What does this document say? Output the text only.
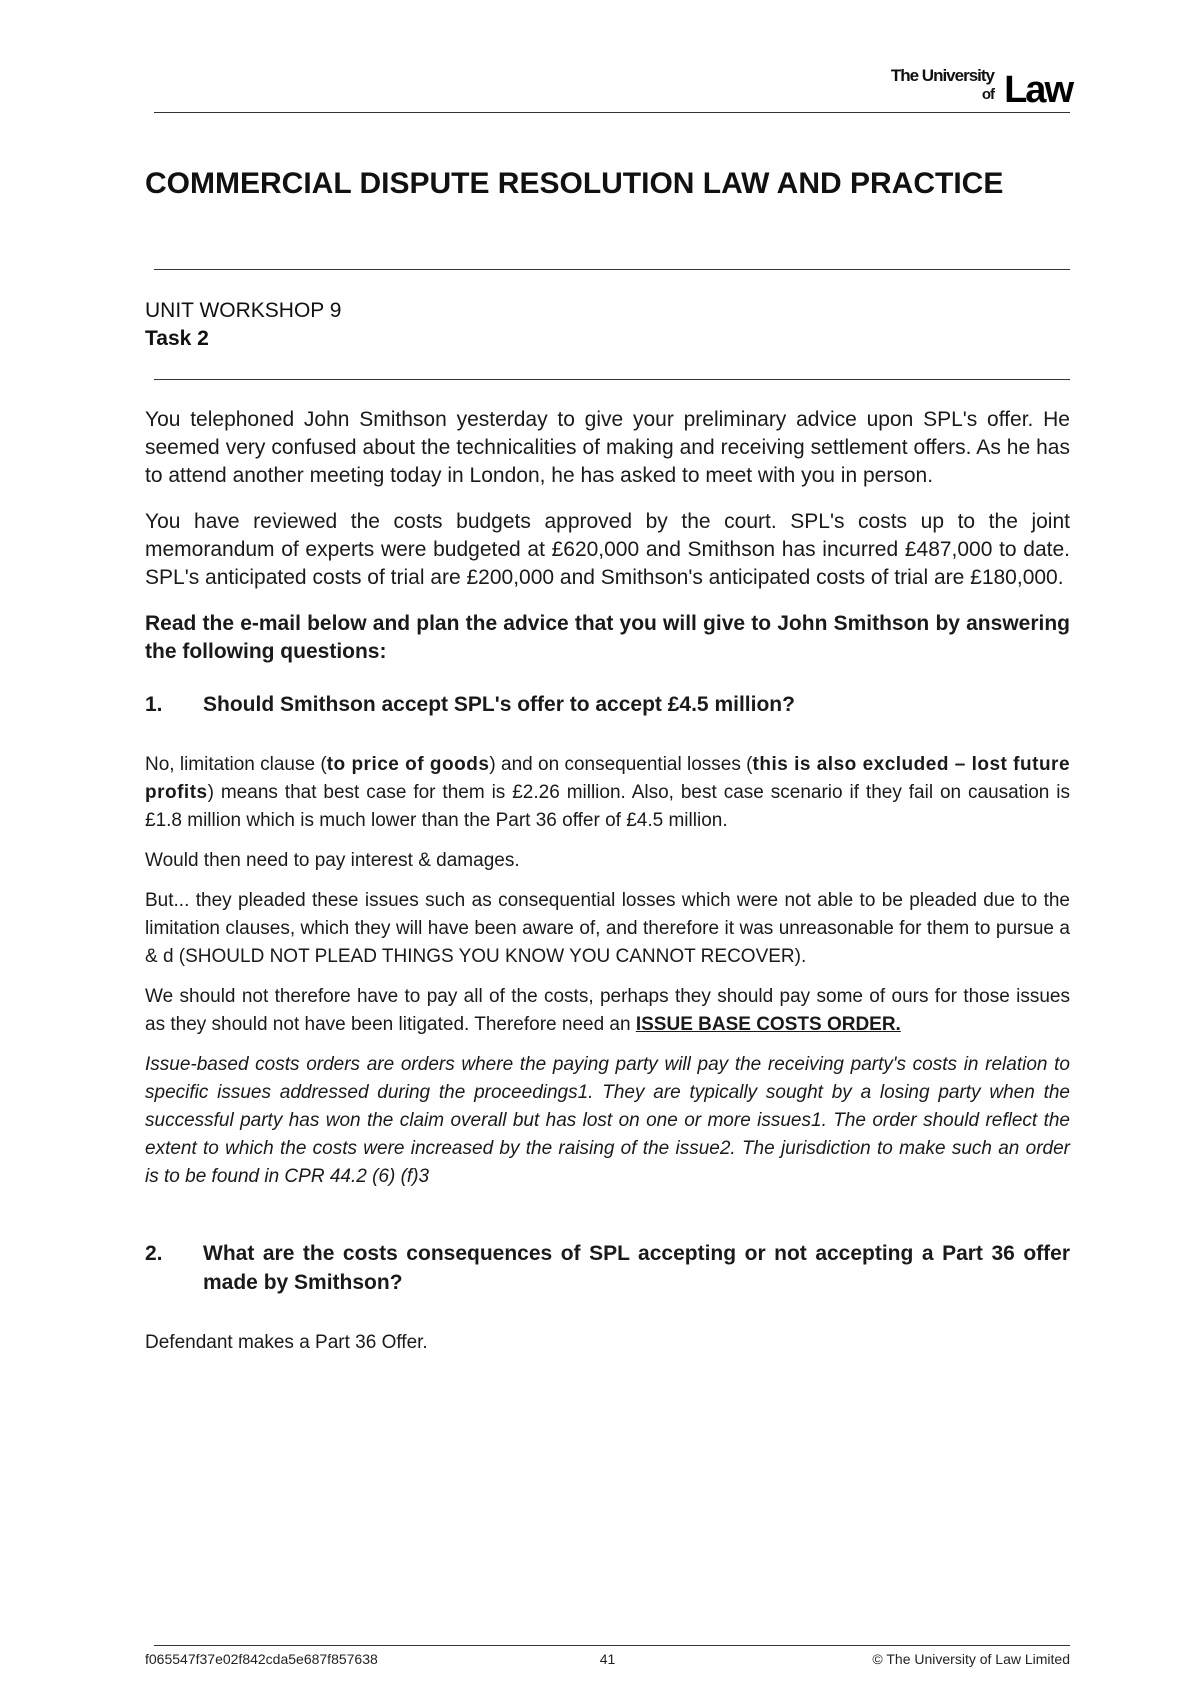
The University
of Law
COMMERCIAL DISPUTE RESOLUTION LAW AND PRACTICE
UNIT WORKSHOP 9
Task 2

You telephoned John Smithson yesterday to give your preliminary advice upon SPL's offer. He seemed very confused about the technicalities of making and receiving settlement offers. As he has to attend another meeting today in London, he has asked to meet with you in person.

You have reviewed the costs budgets approved by the court. SPL's costs up to the joint memorandum of experts were budgeted at £620,000 and Smithson has incurred £487,000 to date. SPL's anticipated costs of trial are £200,000 and Smithson's anticipated costs of trial are £180,000.

Read the e-mail below and plan the advice that you will give to John Smithson by answering the following questions:

1.	Should Smithson accept SPL's offer to accept £4.5 million?

No, limitation clause (to price of goods) and on consequential losses (this is also excluded – lost future profits) means that best case for them is £2.26 million. Also, best case scenario if they fail on causation is £1.8 million which is much lower than the Part 36 offer of £4.5 million.

Would then need to pay interest & damages.

But... they pleaded these issues such as consequential losses which were not able to be pleaded due to the limitation clauses, which they will have been aware of, and therefore it was unreasonable for them to pursue a & d (SHOULD NOT PLEAD THINGS YOU KNOW YOU CANNOT RECOVER).

We should not therefore have to pay all of the costs, perhaps they should pay some of ours for those issues as they should not have been litigated. Therefore need an ISSUE BASE COSTS ORDER.

Issue-based costs orders are orders where the paying party will pay the receiving party's costs in relation to specific issues addressed during the proceedings1. They are typically sought by a losing party when the successful party has won the claim overall but has lost on one or more issues1. The order should reflect the extent to which the costs were increased by the raising of the issue2. The jurisdiction to make such an order is to be found in CPR 44.2 (6) (f)3

2.	What are the costs consequences of SPL accepting or not accepting a Part 36 offer made by Smithson?

Defendant makes a Part 36 Offer.

f065547f37e02f842cda5e687f857638	41	© The University of Law Limited
